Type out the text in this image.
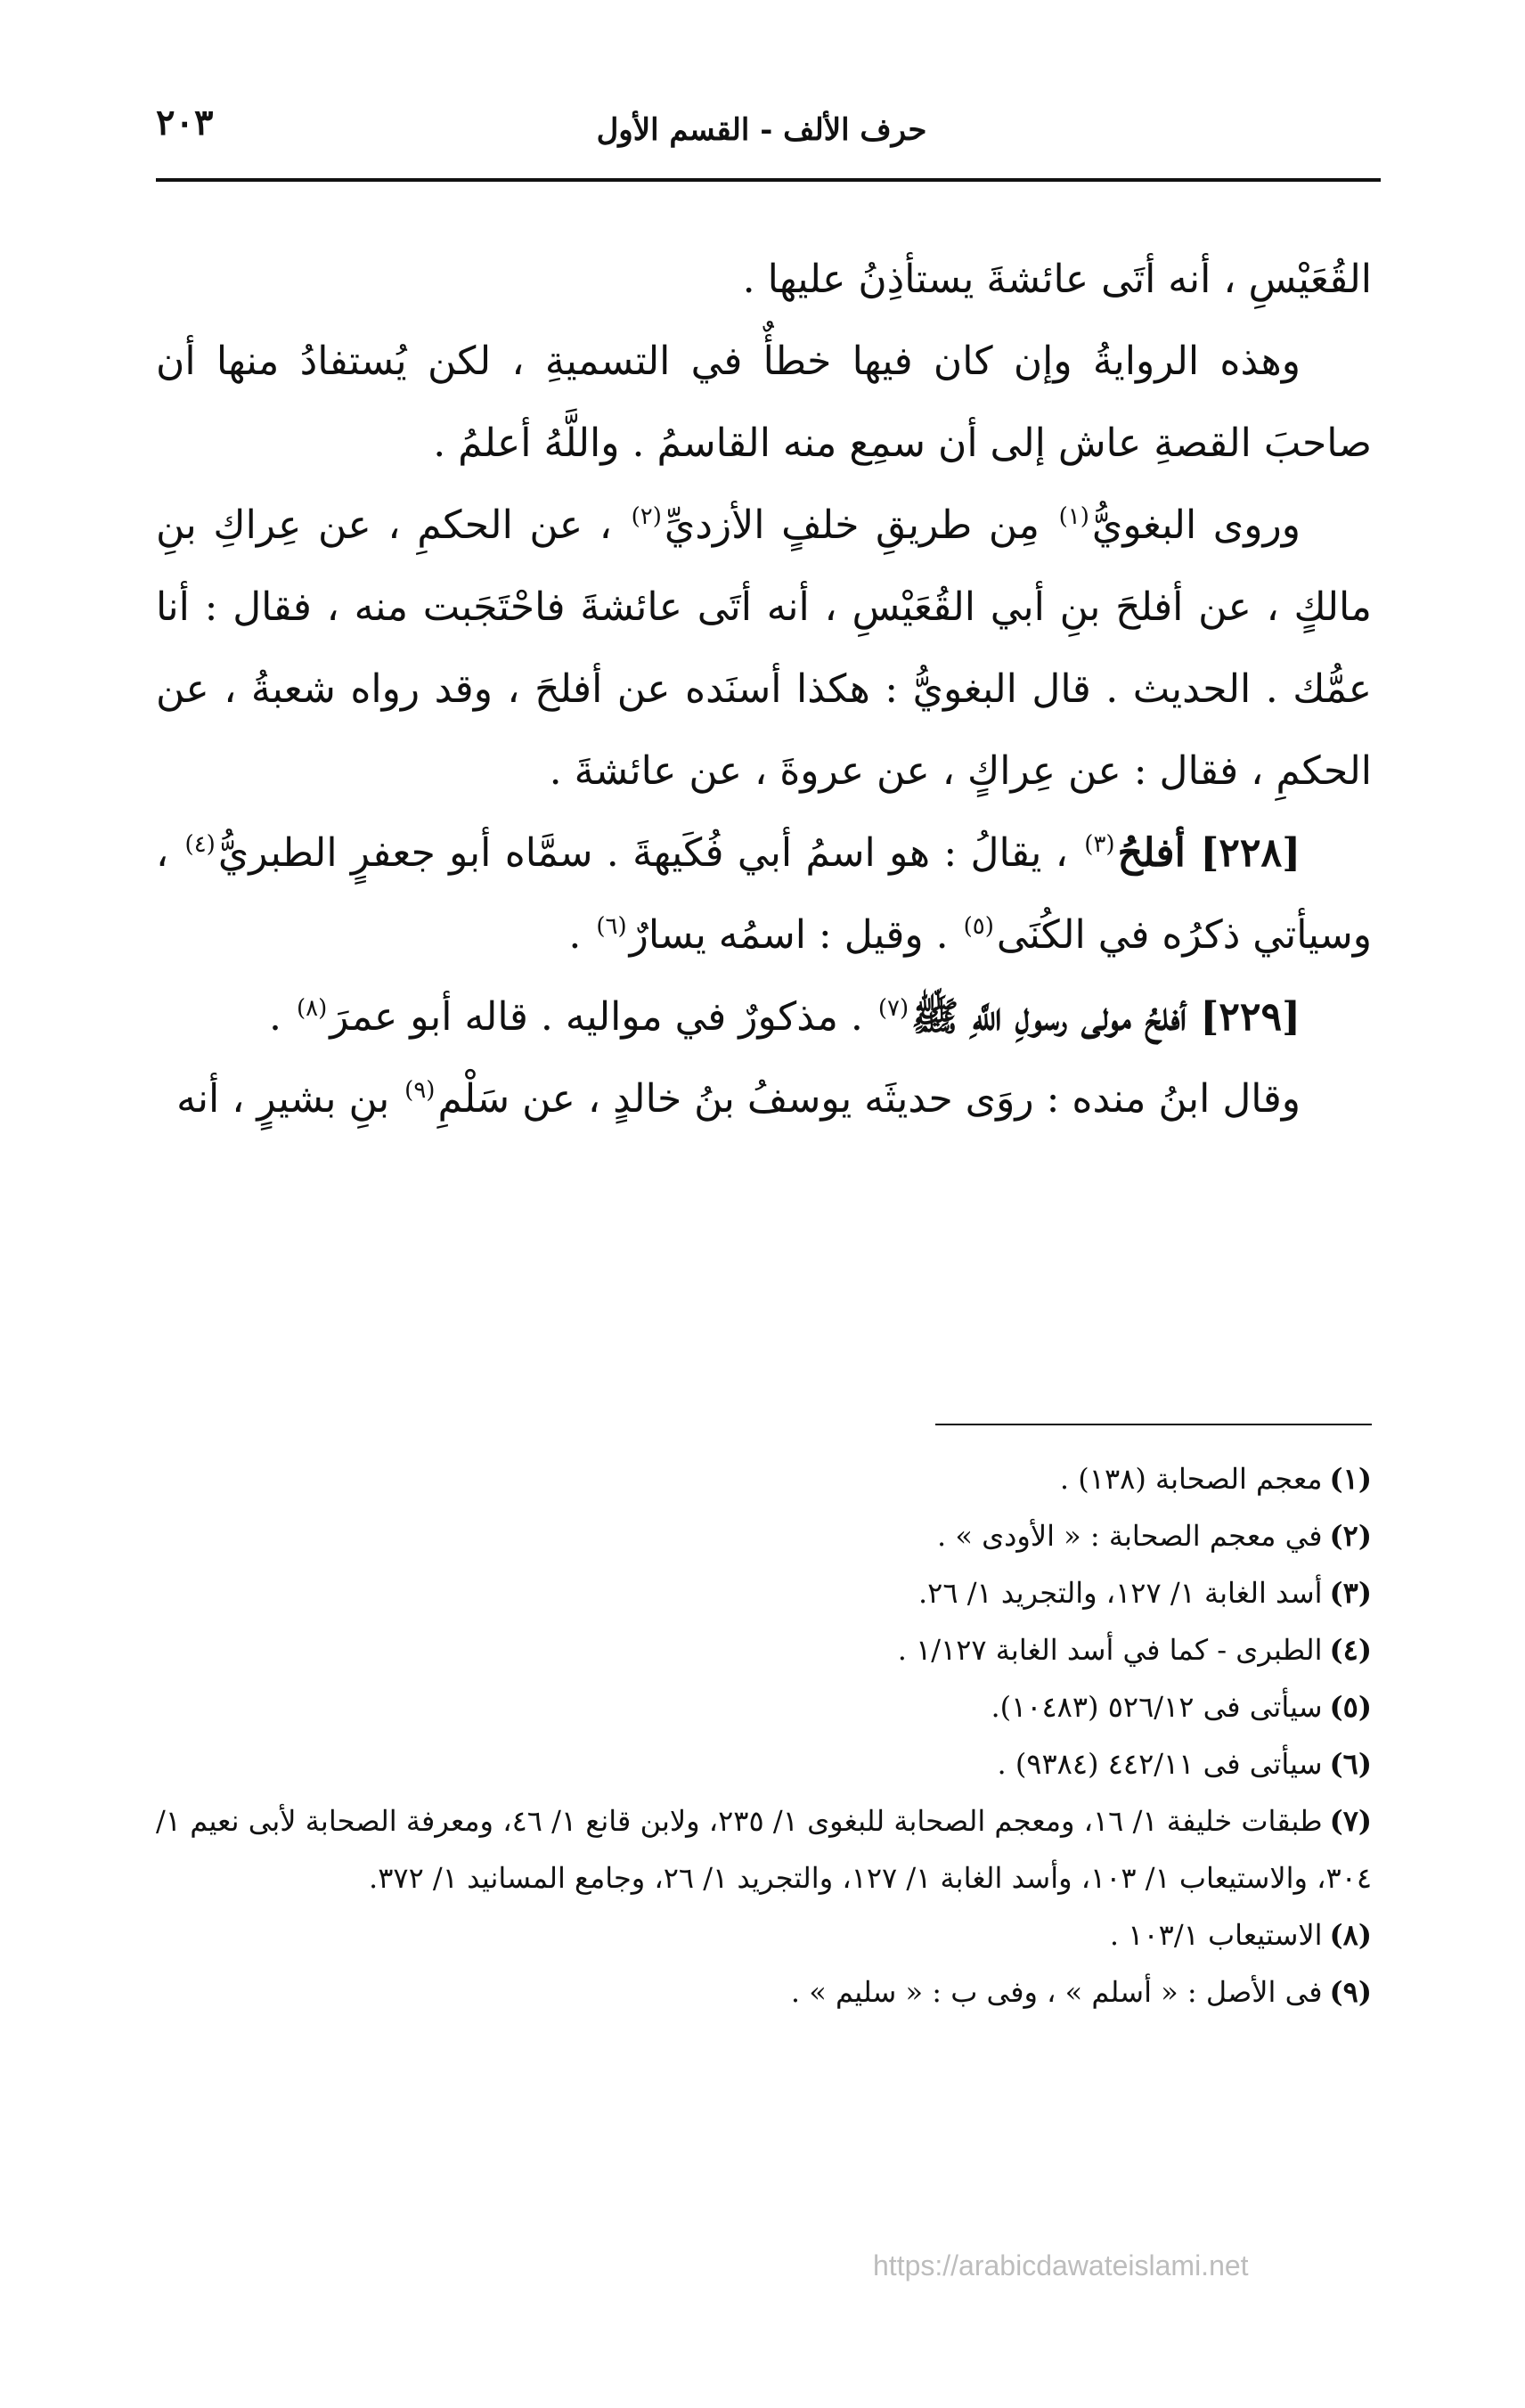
حرف الألف - القسم الأول
٢٠٣

القُعَيْسِ ، أنه أتَى عائشةَ يستأذِنُ عليها .

وهذه الروايةُ وإن كان فيها خطأٌ في التسميةِ ، لكن يُستفادُ منها أن صاحبَ القصةِ عاش إلى أن سمِع منه القاسمُ . واللَّهُ أعلمُ .

وروى البغويُّ$^{(١)}$ مِن طريقِ خلفٍ الأزديِّ$^{(٢)}$ ، عن الحكمِ ، عن عِراكِ بنِ مالكٍ ، عن أفلحَ بنِ أبي القُعَيْسِ ، أنه أتَى عائشةَ فاحْتَجَبت منه ، فقال : أنا عمُّك . الحديث . قال البغويُّ : هكذا أسنَده عن أفلحَ ، وقد رواه شعبةُ ، عن الحكمِ ، فقال : عن عِراكٍ ، عن عروةَ ، عن عائشةَ .

[٢٢٨] أفلحُ$^{(٣)}$ ، يقالُ : هو اسمُ أبي فُكَيهةَ . سمَّاه أبو جعفرٍ الطبريُّ$^{(٤)}$ ، وسيأتي ذكرُه في الكُنَى$^{(٥)}$ . وقيل : اسمُه يسارٌ$^{(٦)}$ .

[٢٢٩] أفلحُ مولى رسولِ اللَّهِ ﷺ$^{(٧)}$ . مذكورٌ في مواليه . قاله أبو عمرَ$^{(٨)}$ .

وقال ابنُ منده : روَى حديثَه يوسفُ بنُ خالدٍ ، عن سَلْمِ$^{(٩)}$ بنِ بشيرٍ ، أنه

(١)معجم الصحابة (١٣٨) .

(٢)في معجم الصحابة : « الأودى » .

(٣)أسد الغابة ١/ ١٢٧، والتجريد ١/ ٢٦.

(٤)الطبرى - كما في أسد الغابة ١/١٢٧ .

(٥)سيأتى فى ٥٢٦/١٢ (١٠٤٨٣).

(٦)سيأتى فى ٤٤٢/١١ (٩٣٨٤) .

(٧)طبقات خليفة ١/ ١٦، ومعجم الصحابة للبغوى ١/ ٢٣٥، ولابن قانع ١/ ٤٦، ومعرفة الصحابة لأبى نعيم ١/ ٣٠٤، والاستيعاب ١/ ١٠٣، وأسد الغابة ١/ ١٢٧، والتجريد ١/ ٢٦، وجامع المسانيد ١/ ٣٧٢.

(٨)الاستيعاب ١٠٣/١ .

(٩)فى الأصل : « أسلم » ، وفى ب : « سليم » .

https://arabicdawateislami.net
